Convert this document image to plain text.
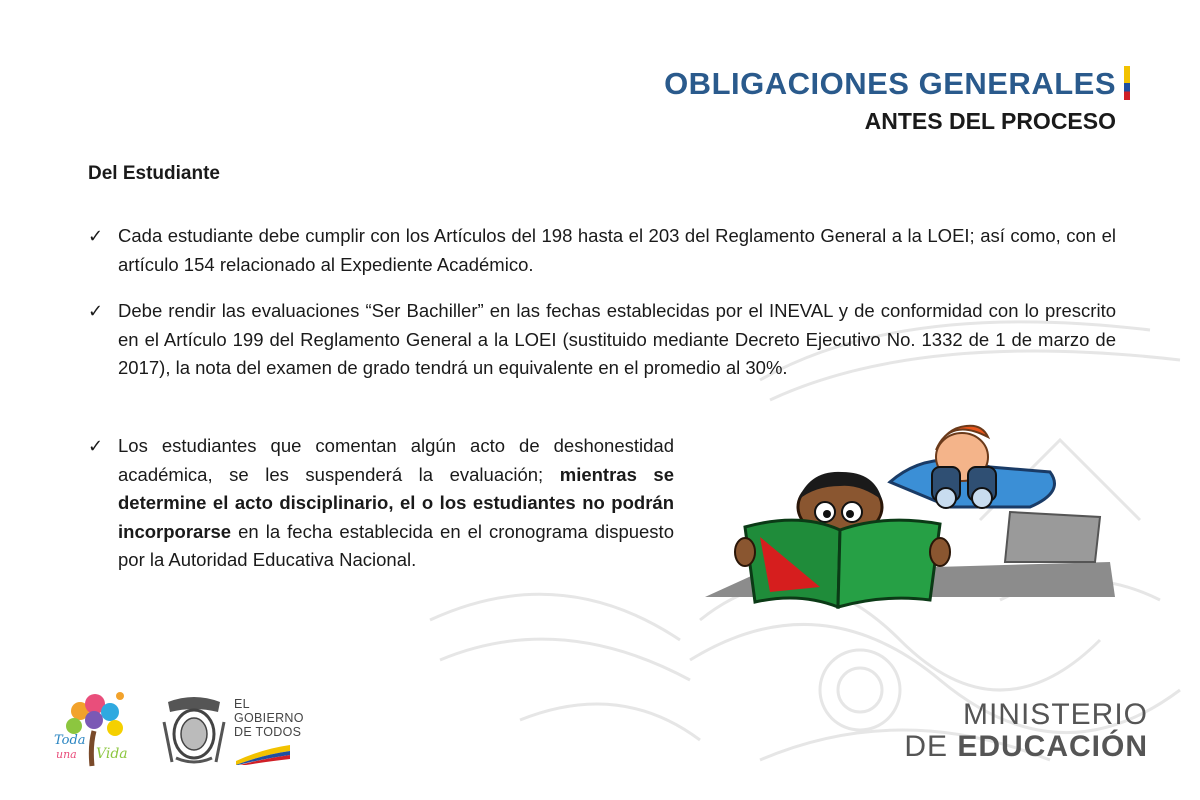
OBLIGACIONES GENERALES
ANTES DEL PROCESO
Del Estudiante
✓ Cada estudiante debe cumplir con los Artículos del 198 hasta el 203 del Reglamento General a la LOEI; así como, con el artículo 154 relacionado al Expediente Académico.
✓ Debe rendir las evaluaciones “Ser Bachiller” en las fechas establecidas por el INEVAL y de conformidad con lo prescrito en el Artículo 199 del Reglamento General a la LOEI (sustituido mediante Decreto Ejecutivo No. 1332 de 1 de marzo de 2017), la nota del examen de grado tendrá un equivalente en el promedio al 30%.
✓ Los estudiantes que comentan algún acto de deshonestidad académica, se les suspenderá la evaluación; mientras se determine el acto disciplinario, el o los estudiantes no podrán incorporarse en la fecha establecida en el cronograma dispuesto por la Autoridad Educativa Nacional.
Toda
una Vida
EL
GOBIERNO
DE TODOS
MINISTERIO
DE EDUCACIÓN
